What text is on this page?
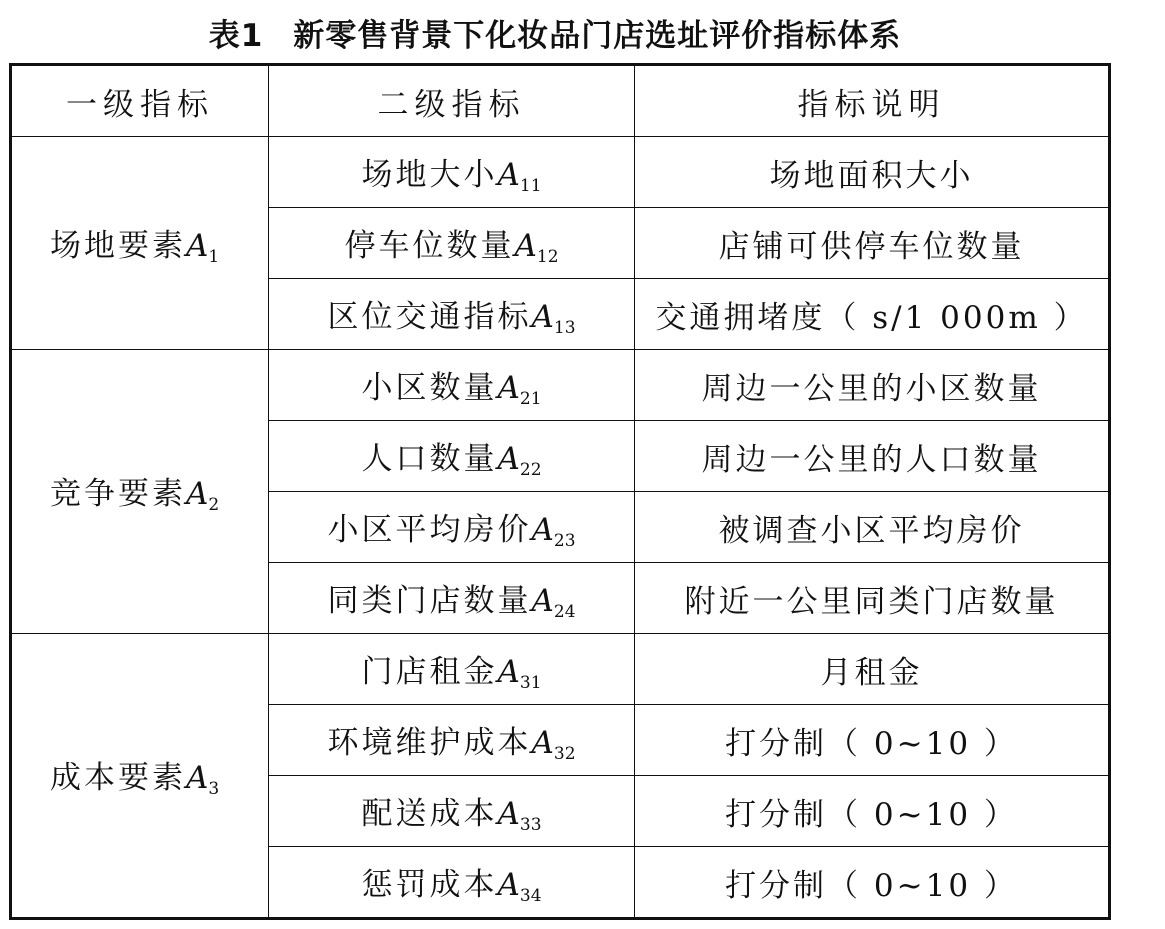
表1 新零售背景下化妆品门店选址评价指标体系
一级指标	二级指标	指标说明
场地要素$A_1$	场地大小$A_{11}$	场地面积大小
	停车位数量$A_{12}$	店铺可供停车位数量
	区位交通指标$A_{13}$	交通拥堵度（ s/1 000m ）
竞争要素$A_2$	小区数量$A_{21}$	周边一公里的小区数量
	人口数量$A_{22}$	周边一公里的人口数量
	小区平均房价$A_{23}$	被调查小区平均房价
	同类门店数量$A_{24}$	附近一公里同类门店数量
成本要素$A_3$	门店租金$A_{31}$	月租金
	环境维护成本$A_{32}$	打分制（ 0~10 ）
	配送成本$A_{33}$	打分制（ 0~10 ）
	惩罚成本$A_{34}$	打分制（ 0~10 ）
